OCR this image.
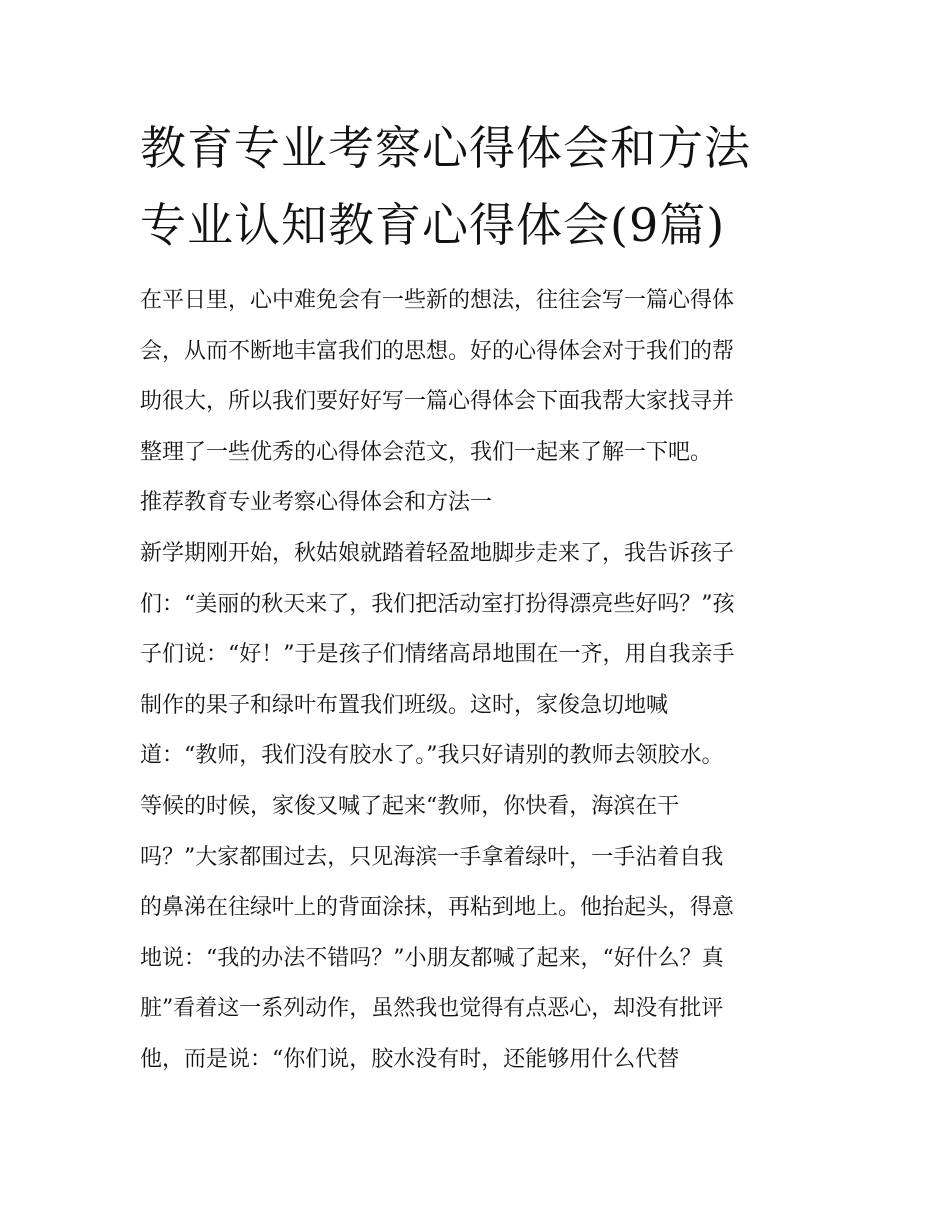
教育专业考察心得体会和方法
专业认知教育心得体会(9篇)
在平日里，心中难免会有一些新的想法，往往会写一篇心得体
会，从而不断地丰富我们的思想。好的心得体会对于我们的帮
助很大，所以我们要好好写一篇心得体会下面我帮大家找寻并
整理了一些优秀的心得体会范文，我们一起来了解一下吧。
推荐教育专业考察心得体会和方法一
新学期刚开始，秋姑娘就踏着轻盈地脚步走来了，我告诉孩子
们：“美丽的秋天来了，我们把活动室打扮得漂亮些好吗？”孩
子们说：“好！”于是孩子们情绪高昂地围在一齐，用自我亲手
制作的果子和绿叶布置我们班级。这时，家俊急切地喊
道：“教师，我们没有胶水了。”我只好请别的教师去领胶水。
等候的时候，家俊又喊了起来“教师，你快看，海滨在干
吗？”大家都围过去，只见海滨一手拿着绿叶，一手沾着自我
的鼻涕在往绿叶上的背面涂抹，再粘到地上。他抬起头，得意
地说：“我的办法不错吗？”小朋友都喊了起来，“好什么？真
脏”看着这一系列动作，虽然我也觉得有点恶心，却没有批评
他，而是说：“你们说，胶水没有时，还能够用什么代替
